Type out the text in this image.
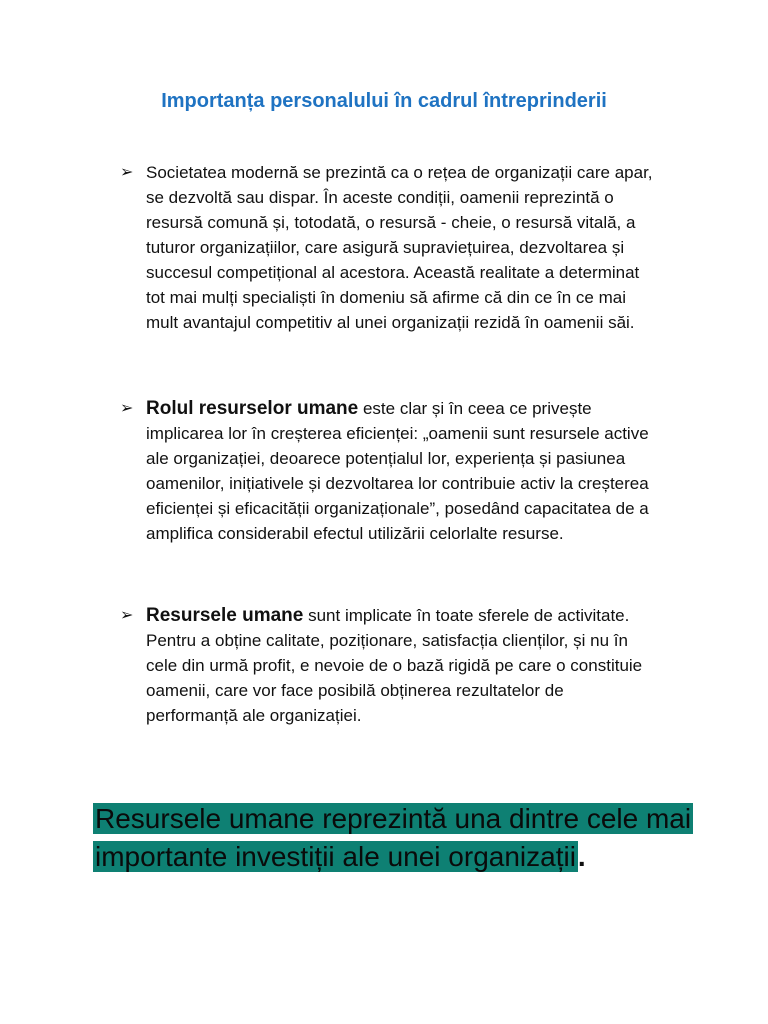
Importanța personalului în cadrul întreprinderii
➢ Societatea modernă se prezintă ca o rețea de organizații care apar, se dezvoltă sau dispar. În aceste condiții, oamenii reprezintă o resursă comună și, totodată, o resursă - cheie, o resursă vitală, a tuturor organizațiilor, care asigură supraviețuirea, dezvoltarea și succesul competițional al acestora. Această realitate a determinat tot mai mulți specialiști în domeniu să afirme că din ce în ce mai mult avantajul competitiv al unei organizații rezidă în oamenii săi.
➢ Rolul resurselor umane este clar și în ceea ce privește implicarea lor în creșterea eficienței: „oamenii sunt resursele active ale organizației, deoarece potențialul lor, experiența și pasiunea oamenilor, inițiativele și dezvoltarea lor contribuie activ la creșterea eficienței și eficacității organizaționale”, posedând capacitatea de a amplifica considerabil efectul utilizării celorlalte resurse.
➢ Resursele umane sunt implicate în toate sferele de activitate. Pentru a obține calitate, poziționare, satisfacția clienților, și nu în cele din urmă profit, e nevoie de o bază rigidă pe care o constituie oamenii, care vor face posibilă obținerea rezultatelor de performanță ale organizației.
Resursele umane reprezintă una dintre cele mai importante investiții ale unei organizații.
